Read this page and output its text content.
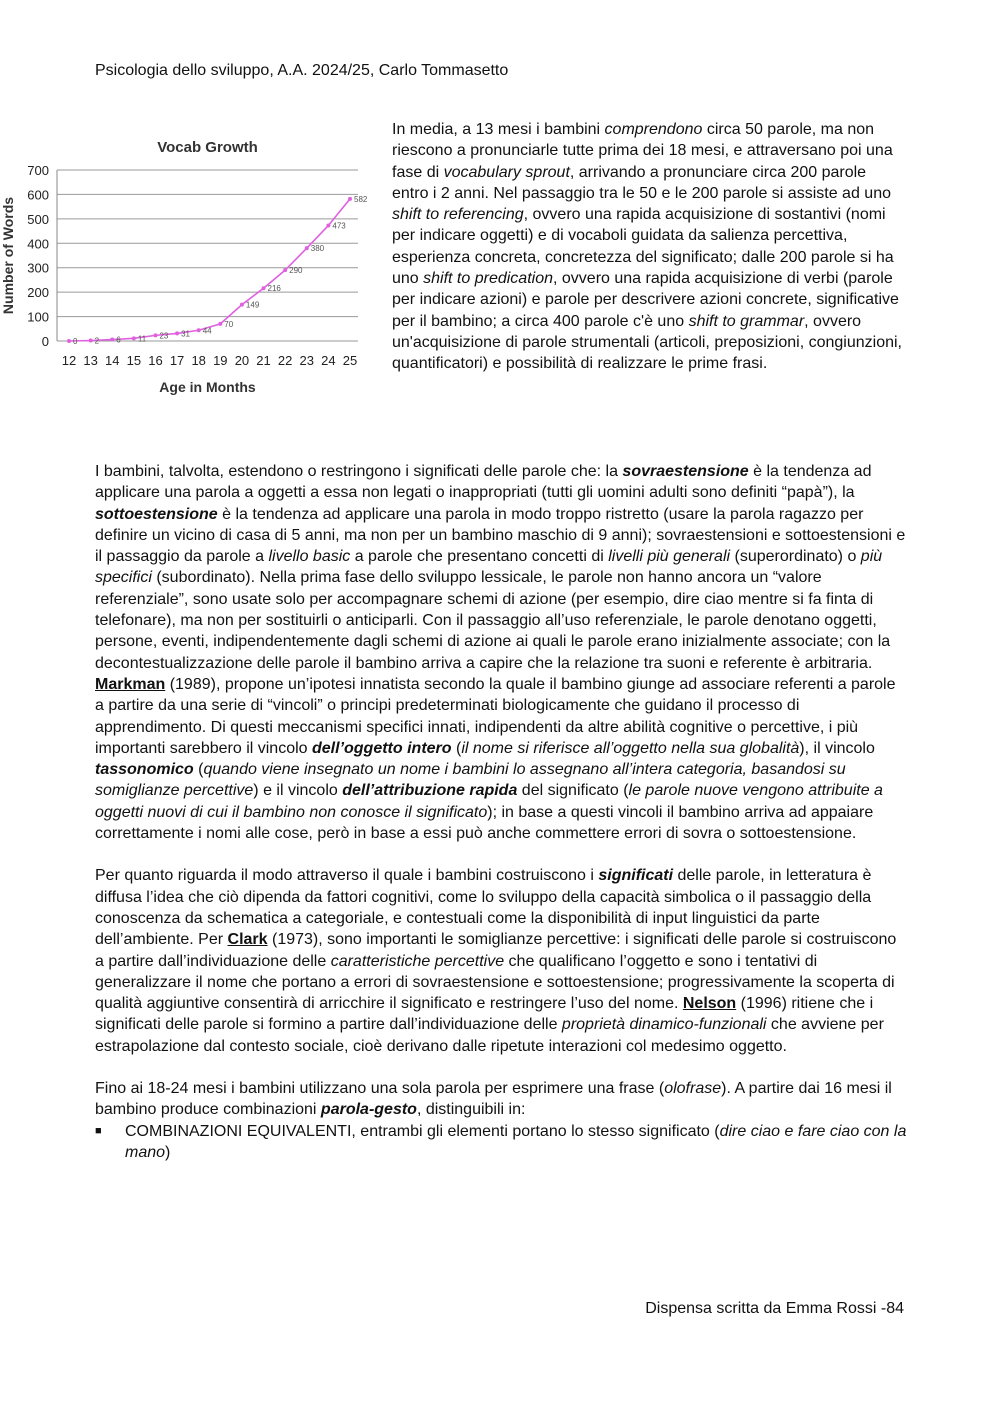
Psicologia dello sviluppo, A.A. 2024/25, Carlo Tommasetto
Vocab Growth
0
100
200
300
400
500
600
700
12 13 14 15 16 17 18 19 20 21 22 23 24 25
Age in Months
Number of Words
0 2 6 11 23 31 44
70
149
216
290
380
473
582
In media, a 13 mesi i bambini comprendono circa 50 parole, ma non riescono a pronunciarle tutte prima dei 18 mesi, e attraversano poi una fase di vocabulary sprout, arrivando a pronunciare circa 200 parole entro i 2 anni. Nel passaggio tra le 50 e le 200 parole si assiste ad uno shift to referencing, ovvero una rapida acquisizione di sostantivi (nomi per indicare oggetti) e di vocaboli guidata da salienza percettiva, esperienza concreta, concretezza del significato; dalle 200 parole si ha uno shift to predication, ovvero una rapida acquisizione di verbi (parole per indicare azioni) e parole per descrivere azioni concrete, significative per il bambino; a circa 400 parole c'è uno shift to grammar, ovvero un'acquisizione di parole strumentali (articoli, preposizioni, congiunzioni, quantificatori) e possibilità di realizzare le prime frasi.

I bambini, talvolta, estendono o restringono i significati delle parole che: la sovraestensione è la tendenza ad applicare una parola a oggetti a essa non legati o inappropriati (tutti gli uomini adulti sono definiti “papà”), la sottoestensione è la tendenza ad applicare una parola in modo troppo ristretto (usare la parola ragazzo per definire un vicino di casa di 5 anni, ma non per un bambino maschio di 9 anni); sovraestensioni e sottoestensioni e il passaggio da parole a livello basic a parole che presentano concetti di livelli più generali (superordinato) o più specifici (subordinato). Nella prima fase dello sviluppo lessicale, le parole non hanno ancora un “valore referenziale”, sono usate solo per accompagnare schemi di azione (per esempio, dire ciao mentre si fa finta di telefonare), ma non per sostituirli o anticiparli. Con il passaggio all’uso referenziale, le parole denotano oggetti, persone, eventi, indipendentemente dagli schemi di azione ai quali le parole erano inizialmente associate; con la decontestualizzazione delle parole il bambino arriva a capire che la relazione tra suoni e referente è arbitraria. Markman (1989), propone un’ipotesi innatista secondo la quale il bambino giunge ad associare referenti a parole a partire da una serie di “vincoli” o principi predeterminati biologicamente che guidano il processo di apprendimento. Di questi meccanismi specifici innati, indipendenti da altre abilità cognitive o percettive, i più importanti sarebbero il vincolo dell’oggetto intero (il nome si riferisce all’oggetto nella sua globalità), il vincolo tassonomico (quando viene insegnato un nome i bambini lo assegnano all’intera categoria, basandosi su somiglianze percettive) e il vincolo dell’attribuzione rapida del significato (le parole nuove vengono attribuite a oggetti nuovi di cui il bambino non conosce il significato); in base a questi vincoli il bambino arriva ad appaiare correttamente i nomi alle cose, però in base a essi può anche commettere errori di sovra o sottoestensione.

Per quanto riguarda il modo attraverso il quale i bambini costruiscono i significati delle parole, in letteratura è diffusa l’idea che ciò dipenda da fattori cognitivi, come lo sviluppo della capacità simbolica o il passaggio della conoscenza da schematica a categoriale, e contestuali come la disponibilità di input linguistici da parte dell’ambiente. Per Clark (1973), sono importanti le somiglianze percettive: i significati delle parole si costruiscono a partire dall’individuazione delle caratteristiche percettive che qualificano l’oggetto e sono i tentativi di generalizzare il nome che portano a errori di sovraestensione e sottoestensione; progressivamente la scoperta di qualità aggiuntive consentirà di arricchire il significato e restringere l’uso del nome. Nelson (1996) ritiene che i significati delle parole si formino a partire dall’individuazione delle proprietà dinamico-funzionali che avviene per estrapolazione dal contesto sociale, cioè derivano dalle ripetute interazioni col medesimo oggetto.

Fino ai 18-24 mesi i bambini utilizzano una sola parola per esprimere una frase (olofrase). A partire dai 16 mesi il bambino produce combinazioni parola-gesto, distinguibili in:

■ COMBINAZIONI EQUIVALENTI, entrambi gli elementi portano lo stesso significato (dire ciao e fare ciao con la mano)
Dispensa scritta da Emma Rossi -84
